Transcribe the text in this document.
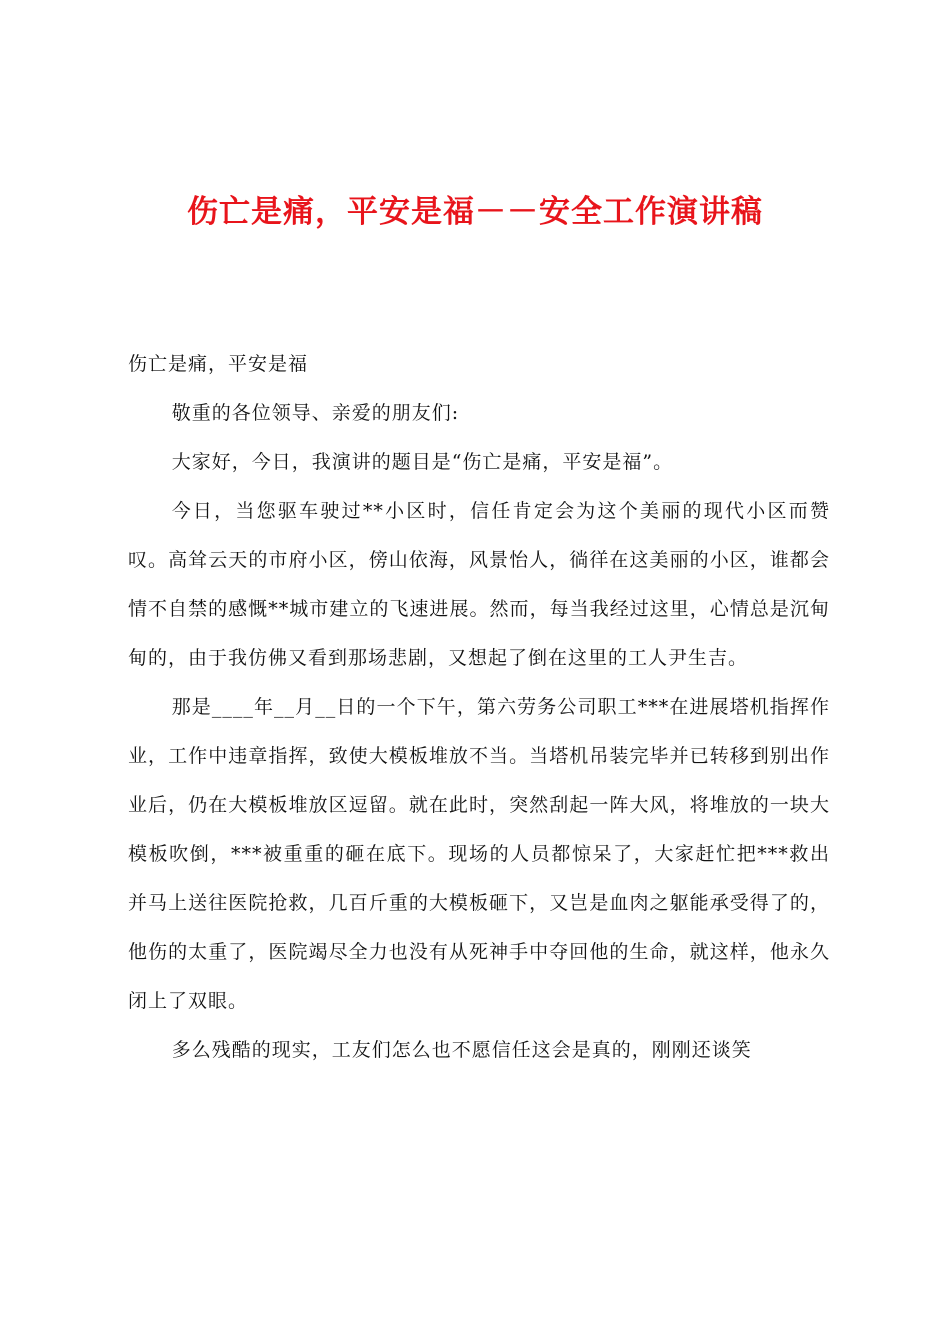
伤亡是痛，平安是福－－安全工作演讲稿

伤亡是痛，平安是福

敬重的各位领导、亲爱的朋友们:

大家好，今日，我演讲的题目是“伤亡是痛，平安是福”。

今日，当您驱车驶过**小区时，信任肯定会为这个美丽的现代小区而赞叹。高耸云天的市府小区，傍山依海，风景怡人，徜徉在这美丽的小区，谁都会情不自禁的感慨**城市建立的飞速进展。然而，每当我经过这里，心情总是沉甸甸的，由于我仿佛又看到那场悲剧，又想起了倒在这里的工人尹生吉。

那是____年__月__日的一个下午，第六劳务公司职工***在进展塔机指挥作业，工作中违章指挥，致使大模板堆放不当。当塔机吊装完毕并已转移到别出作业后，仍在大模板堆放区逗留。就在此时，突然刮起一阵大风，将堆放的一块大模板吹倒，***被重重的砸在底下。现场的人员都惊呆了，大家赶忙把***救出并马上送往医院抢救，几百斤重的大模板砸下，又岂是血肉之躯能承受得了的，他伤的太重了，医院竭尽全力也没有从死神手中夺回他的生命，就这样，他永久闭上了双眼。

多么残酷的现实，工友们怎么也不愿信任这会是真的，刚刚还谈笑
